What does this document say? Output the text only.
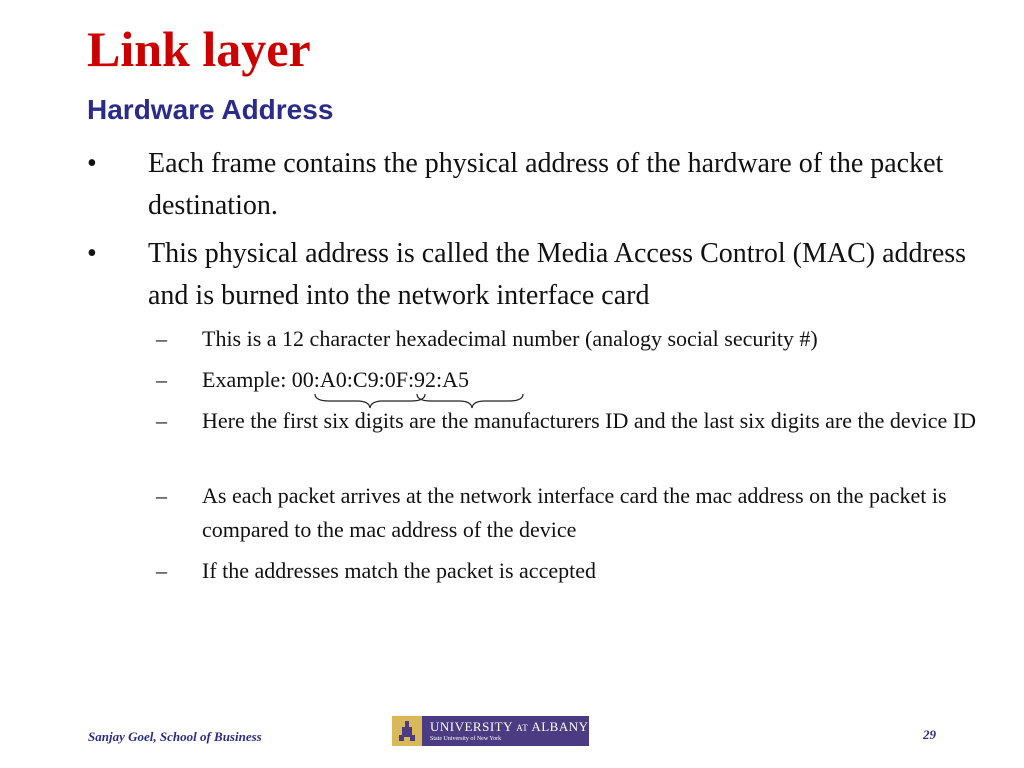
Link layer
Hardware Address
• Each frame contains the physical address of the hardware of the packet destination.
• This physical address is called the Media Access Control (MAC) address and is burned into the network interface card
– This is a 12 character hexadecimal number (analogy social security #)
– Example: 00:A0:C9:0F:92:A5
– Here the first six digits are the manufacturers ID and the last six digits are the device ID
– As each packet arrives at the network interface card the mac address on the packet is compared to the mac address of the device
– If the addresses match the packet is accepted
Sanjay Goel, School of Business
UNIVERSITY AT ALBANY
State University of New York	29
